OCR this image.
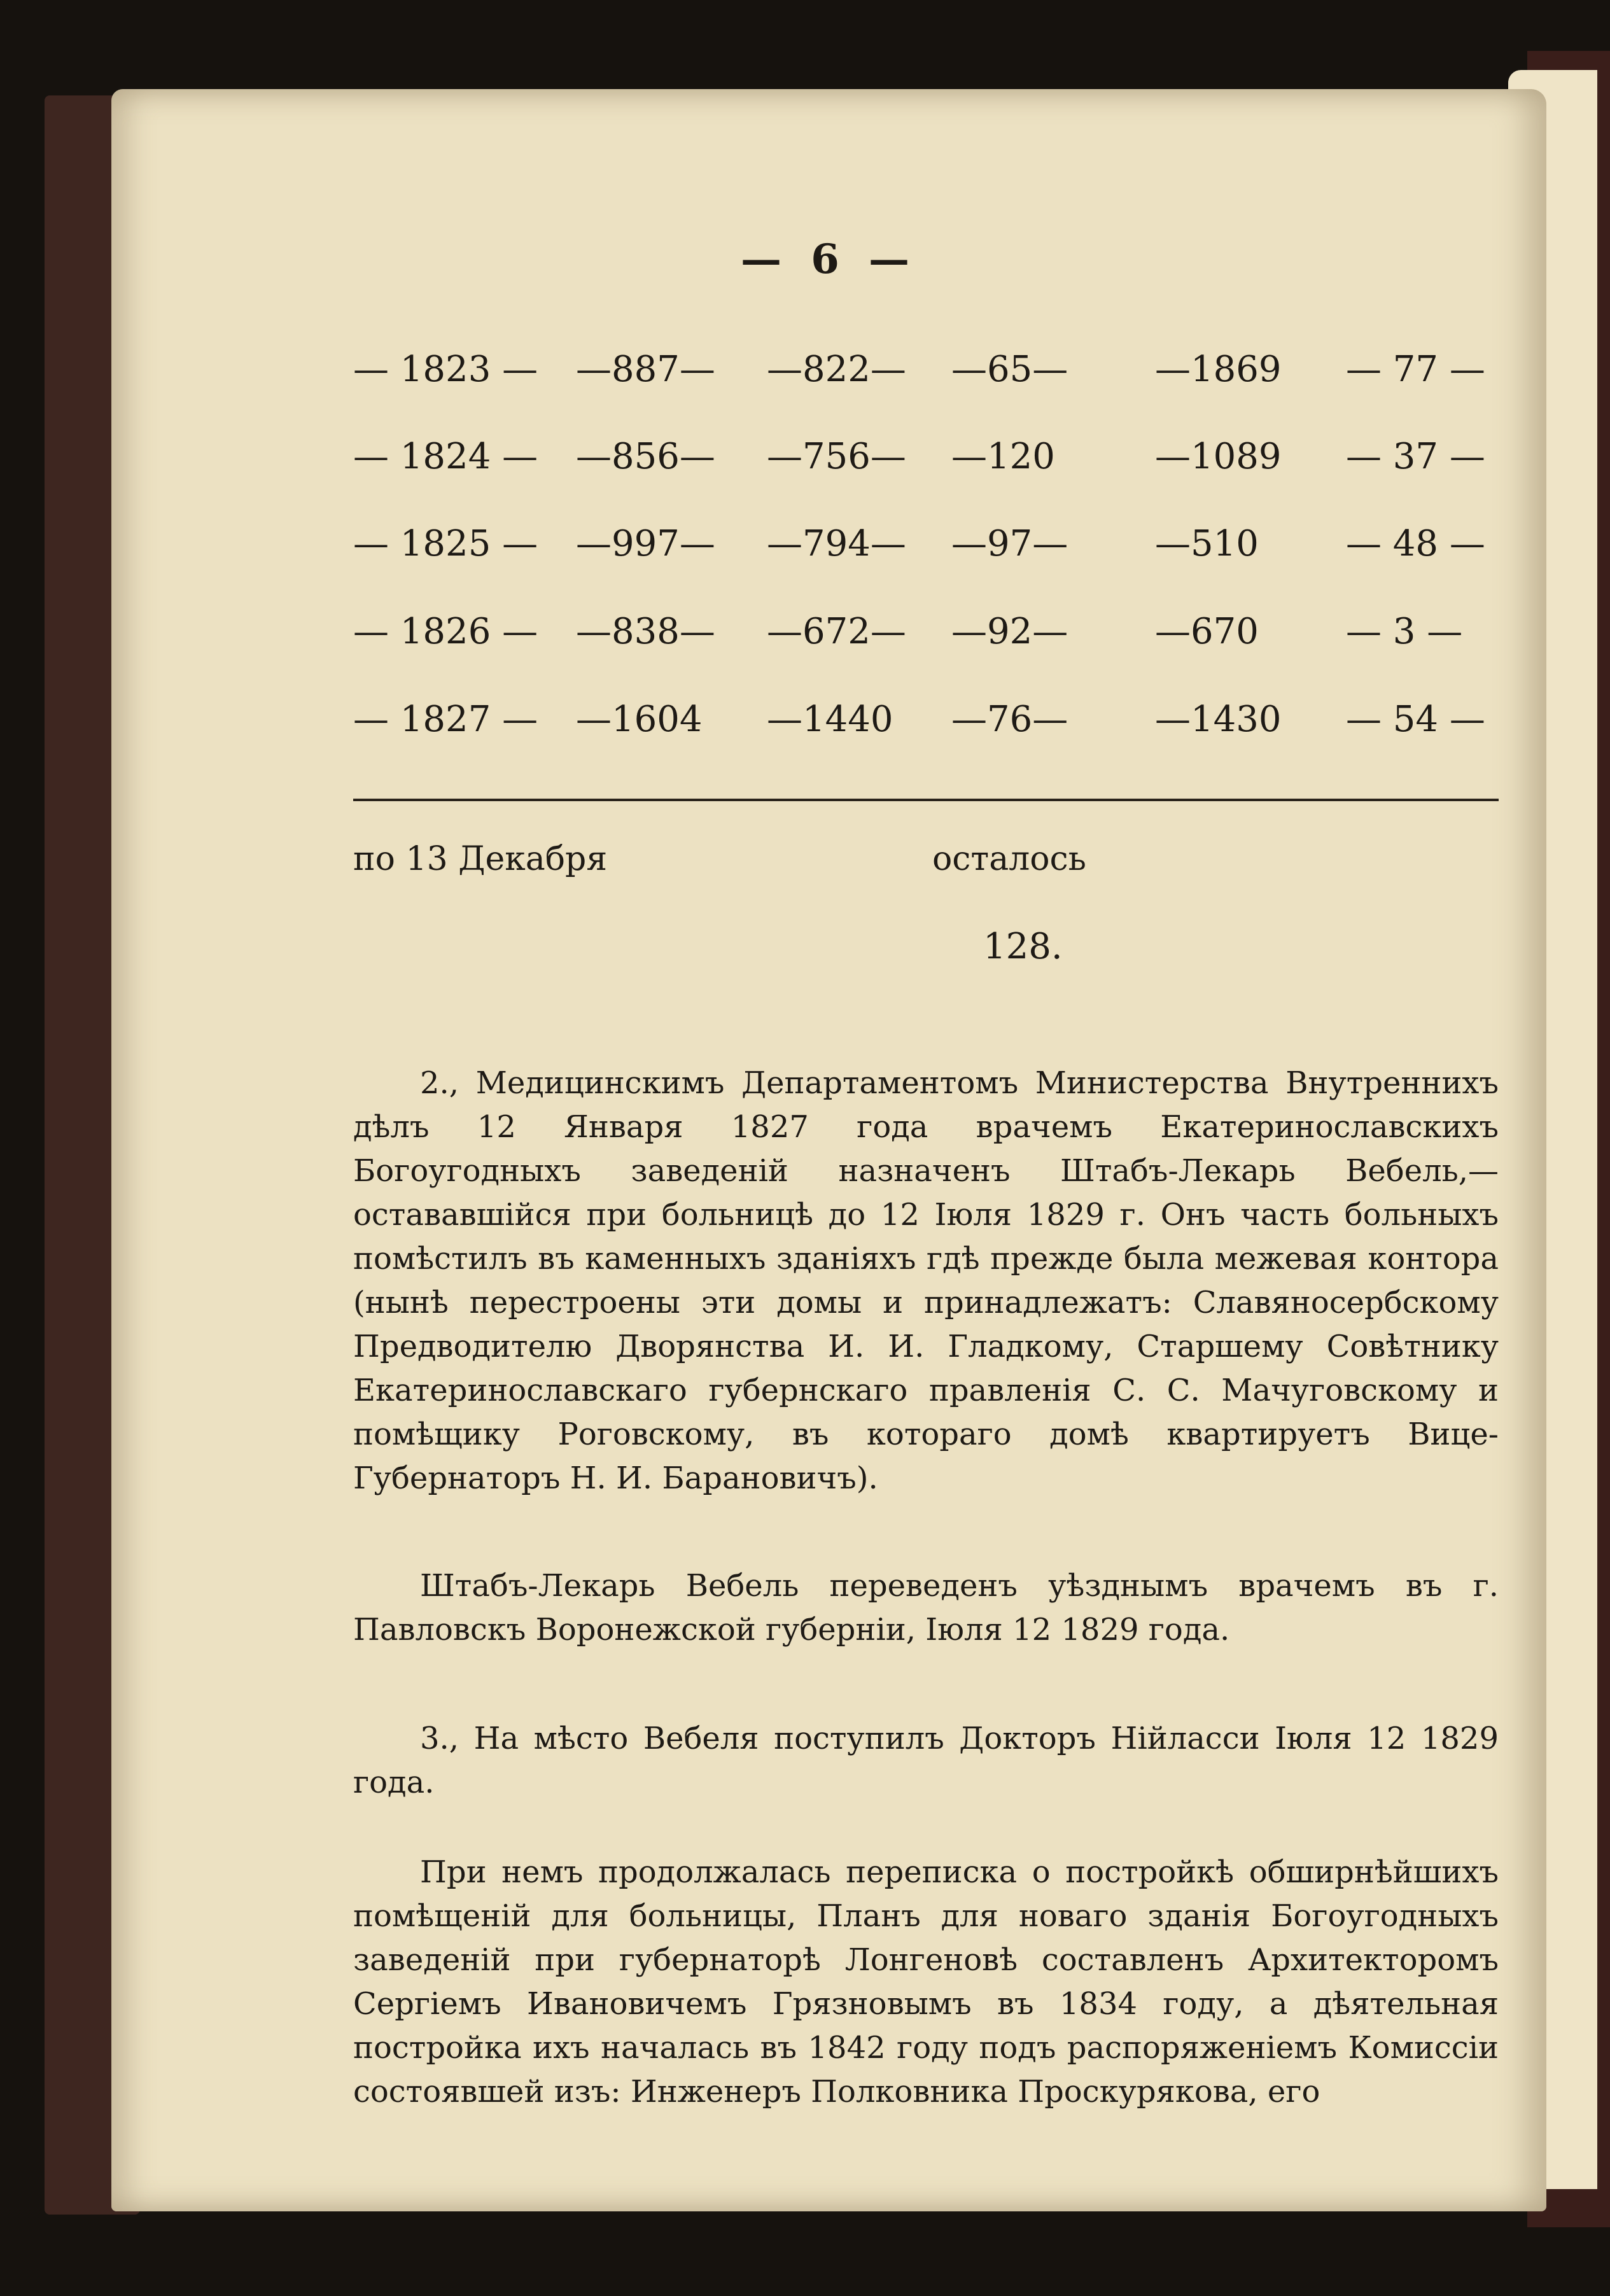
— 6 —
— 1823 — —887— —822— —65— —1869 — 77 —
— 1824 — —856— —756— —120	—1089 — 37 —
— 1825 — —997— —794— —97— —510 — 48 —
— 1826 — —838— —672— —92— —670 — 3 —
— 1827 — —1604 —1440 —76— —1430 — 54 —
по 13 Декабря	осталось
128.

2., Медицинскимъ Департаментомъ Министерства Внутреннихъ дѣлъ 12 Января 1827 года врачемъ Екатеринославскихъ Богоугодныхъ заведеній назначенъ Штабъ-Лекарь Вебель,— остававшійся при больницѣ до 12 Іюля 1829 г. Онъ часть больныхъ помѣстилъ въ каменныхъ зданіяхъ гдѣ прежде была межевая контора (нынѣ перестроены эти домы и принадлежатъ: Славяносербскому Предводителю Дворянства И. И. Гладкому, Старшему Совѣтнику Екатеринославскаго губернскаго правленія С. С. Мачуговскому и помѣщику Роговскому, въ котораго домѣ квартируетъ Вице-Губернаторъ Н. И. Барановичъ).

Штабъ-Лекарь Вебель переведенъ уѣзднымъ врачемъ въ г. Павловскъ Воронежской губерніи, Іюля 12 1829 года.

3., На мѣсто Вебеля поступилъ Докторъ Нійласси Іюля 12 1829 года.

При немъ продолжалась переписка о постройкѣ обширнѣйшихъ помѣщеній для больницы, Планъ для новаго зданія Богоугодныхъ заведеній при губернаторѣ Лонгеновѣ составленъ Архитекторомъ Сергіемъ Ивановичемъ Грязновымъ въ 1834 году, а дѣятельная постройка ихъ началась въ 1842 году подъ распоряженіемъ Комиссіи состоявшей изъ: Инженеръ Полковника Проскурякова, его
